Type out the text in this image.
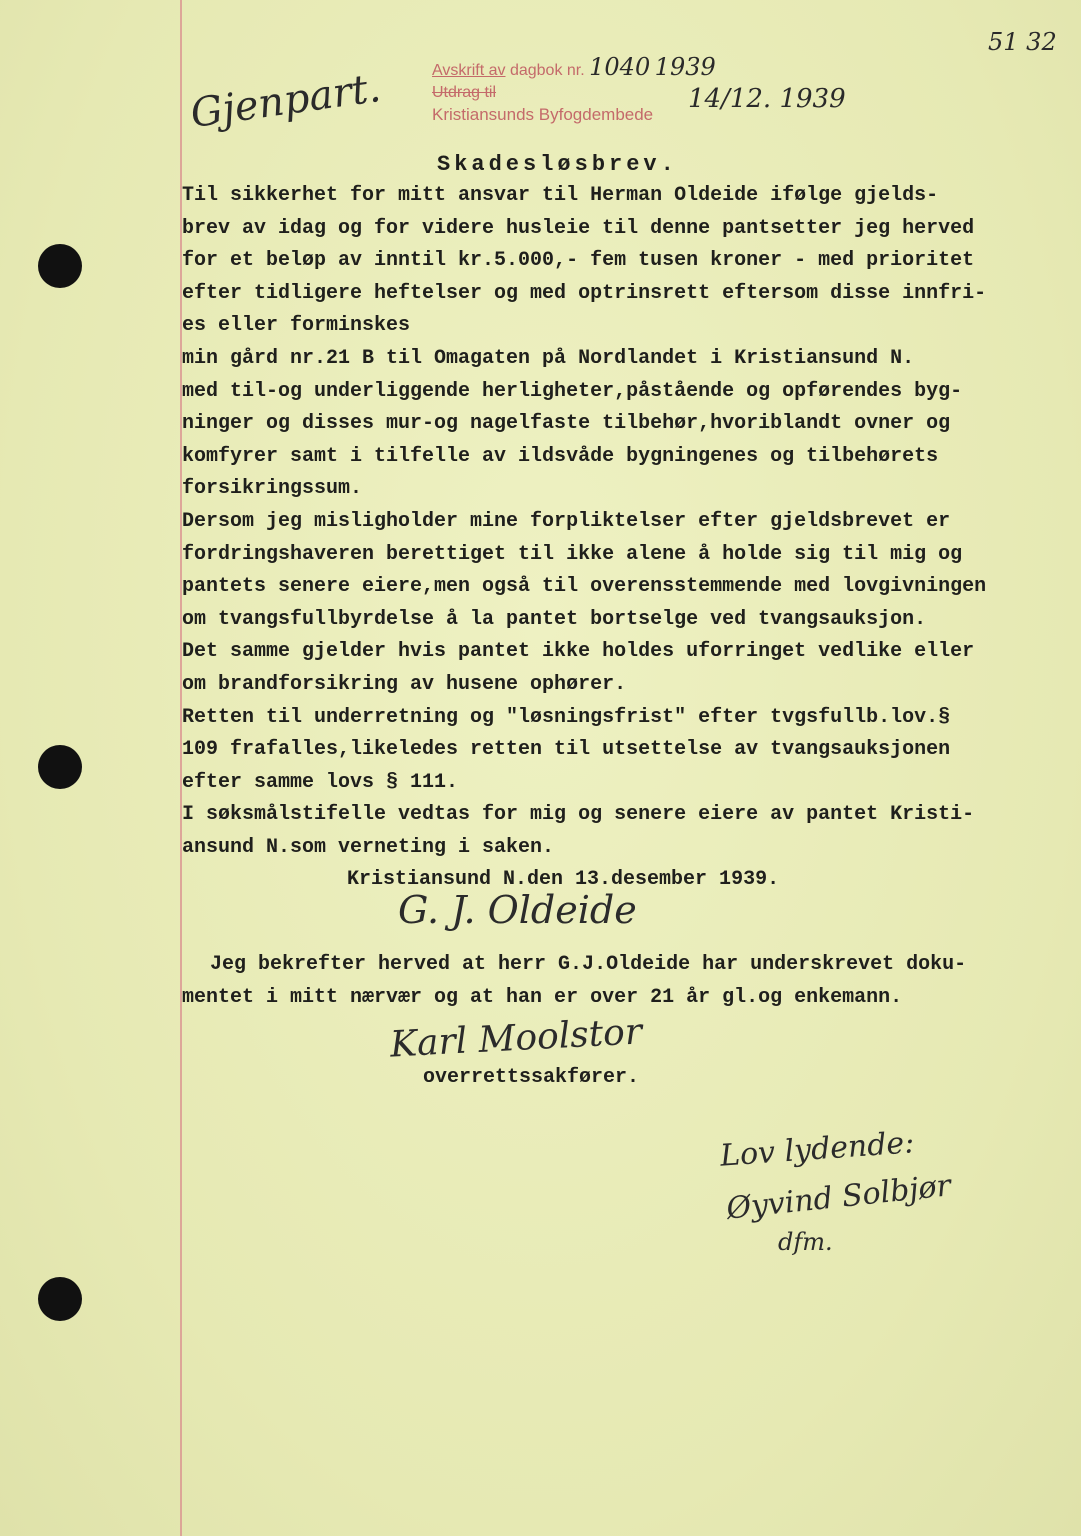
51 32
Gjenpart.	Avskrift av dagbok nr. 1040 1939
Utdrag til
Kristiansunds Byfogdembede
14/12. 1939
Skadesløsbrev.
Til sikkerhet for mitt ansvar til Herman Oldeide ifølge gjelds-
brev av idag og for videre husleie til denne pantsetter jeg herved
for et beløp av inntil kr.5.000,- fem tusen kroner - med prioritet
efter tidligere heftelser og med optrinsrett eftersom disse innfri-
es eller forminskes
min gård nr.21 B til Omagaten på Nordlandet i Kristiansund N.
med til-og underliggende herligheter,påstående og opførendes byg-
ninger og disses mur-og nagelfaste tilbehør,hvoriblandt ovner og
komfyrer samt i tilfelle av ildsvåde bygningenes og tilbehørets
forsikringssum.
Dersom jeg misligholder mine forpliktelser efter gjeldsbrevet er
fordringshaveren berettiget til ikke alene å holde sig til mig og
pantets senere eiere,men også til overensstemmende med lovgivningen
om tvangsfullbyrdelse å la pantet bortselge ved tvangsauksjon.
Det samme gjelder hvis pantet ikke holdes uforringet vedlike eller
om brandforsikring av husene ophører.
Retten til underretning og "løsningsfrist" efter tvgsfullb.lov.§
109 frafalles,likeledes retten til utsettelse av tvangsauksjonen
efter samme lovs § 111.
I søksmålstifelle vedtas for mig og senere eiere av pantet Kristi-
ansund N.som verneting i saken.
Kristiansund N.den 13.desember 1939.
G. J. Oldeide
Jeg bekrefter herved at herr G.J.Oldeide har underskrevet doku-
mentet i mitt nærvær og at han er over 21 år gl.og enkemann.
Karl Moolstor
overrettssakfører.
Lov lydende:
Øyvind Solbjør
dfm.
